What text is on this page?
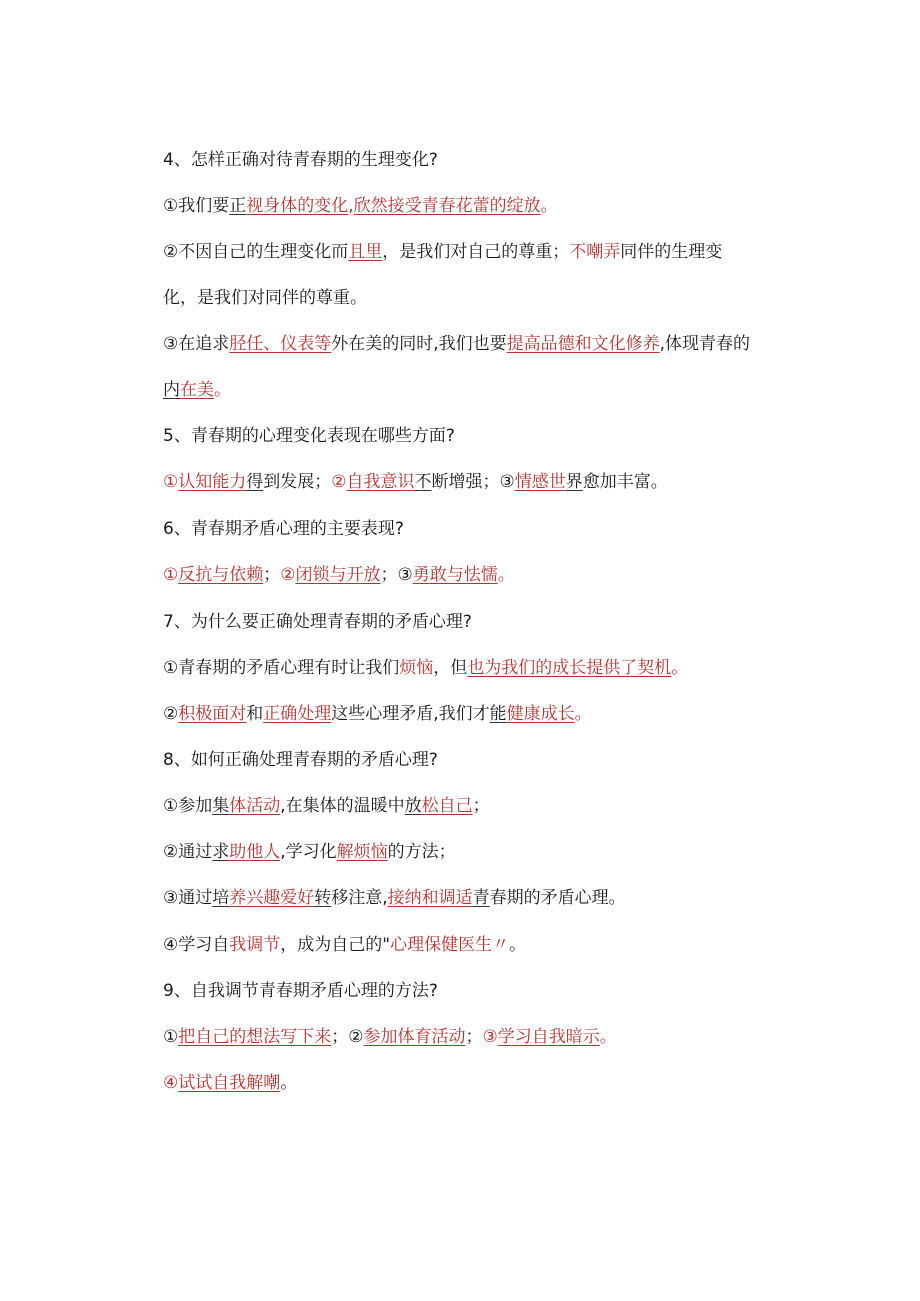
4、怎样正确对待青春期的生理变化?

①我们要正视身体的变化,欣然接受青春花蕾的绽放。

②不因自己的生理变化而且里，是我们对自己的尊重；不嘲弄同伴的生理变

化，是我们对同伴的尊重。

③在追求胫任、仪表等外在美的同时,我们也要提高品德和文化修养,体现青春的

内在美。

5、青春期的心理变化表现在哪些方面?

①认知能力得到发展；②自我意识不断增强；③情感世界愈加丰富。

6、青春期矛盾心理的主要表现?

①反抗与依赖；②闭锁与开放；③勇敢与怯懦。

7、为什么要正确处理青春期的矛盾心理?

①青春期的矛盾心理有时让我们烦恼，但也为我们的成长提供了契机。

②积极面对和正确处理这些心理矛盾,我们才能健康成长。

8、如何正确处理青春期的矛盾心理?

①参加集体活动,在集体的温暖中放松自己；

②通过求助他人,学习化解烦恼的方法；

③通过培养兴趣爱好转移注意,接纳和调适青春期的矛盾心理。

④学习自我调节，成为自己的"心理保健医生〃。

9、自我调节青春期矛盾心理的方法?

①把自己的想法写下来；②参加体育活动；③学习自我暗示。

④试试自我解嘲。
